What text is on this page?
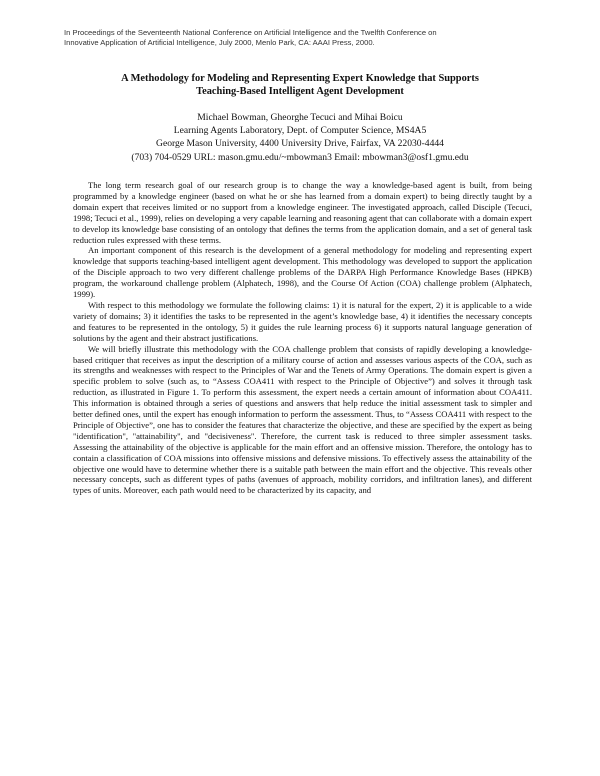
In Proceedings of the Seventeenth National Conference on Artificial Intelligence and the Twelfth Conference on
Innovative Application of Artificial Intelligence, July 2000, Menlo Park, CA: AAAI Press, 2000.
A Methodology for Modeling and Representing Expert Knowledge that Supports
Teaching-Based Intelligent Agent Development
Michael Bowman, Gheorghe Tecuci and Mihai Boicu
Learning Agents Laboratory, Dept. of Computer Science, MS4A5
George Mason University, 4400 University Drive, Fairfax, VA 22030-4444
(703) 704-0529 URL: mason.gmu.edu/~mbowman3 Email: mbowman3@osf1.gmu.edu

The long term research goal of our research group is to change the way a knowledge-based agent is built, from being programmed by a knowledge engineer (based on what he or she has learned from a domain expert) to being directly taught by a domain expert that receives limited or no support from a knowledge engineer. The investigated approach, called Disciple (Tecuci, 1998; Tecuci et al., 1999), relies on developing a very capable learning and reasoning agent that can collaborate with a domain expert to develop its knowledge base consisting of an ontology that defines the terms from the application domain, and a set of general task reduction rules expressed with these terms.

An important component of this research is the development of a general methodology for modeling and representing expert knowledge that supports teaching-based intelligent agent development. This methodology was developed to support the application of the Disciple approach to two very different challenge problems of the DARPA High Performance Knowledge Bases (HPKB) program, the workaround challenge problem (Alphatech, 1998), and the Course Of Action (COA) challenge problem (Alphatech, 1999).

With respect to this methodology we formulate the following claims: 1) it is natural for the expert, 2) it is applicable to a wide variety of domains; 3) it identifies the tasks to be represented in the agent’s knowledge base, 4) it identifies the necessary concepts and features to be represented in the ontology, 5) it guides the rule learning process 6) it supports natural language generation of solutions by the agent and their abstract justifications.

We will briefly illustrate this methodology with the COA challenge problem that consists of rapidly developing a knowledge-based critiquer that receives as input the description of a military course of action and assesses various aspects of the COA, such as its strengths and weaknesses with respect to the Principles of War and the Tenets of Army Operations. The domain expert is given a specific problem to solve (such as, to “Assess COA411 with respect to the Principle of Objective”) and solves it through task reduction, as illustrated in Figure 1. To perform this assessment, the expert needs a certain amount of information about COA411. This information is obtained through a series of questions and answers that help reduce the initial assessment task to simpler and better defined ones, until the expert has enough information to perform the assessment. Thus, to “Assess COA411 with respect to the Principle of Objective”, one has to consider the features that characterize the objective, and these are specified by the expert as being "identification", "attainability", and "decisiveness". Therefore, the current task is reduced to three simpler assessment tasks. Assessing the attainability of the objective is applicable for the main effort and an offensive mission. Therefore, the ontology has to contain a classification of COA missions into offensive missions and defensive missions. To effectively assess the attainability of the objective one would have to determine whether there is a suitable path between the main effort and the objective. This reveals other necessary concepts, such as different types of paths (avenues of approach, mobility corridors, and infiltration lanes), and different types of units. Moreover, each path would need to be characterized by its capacity, and
